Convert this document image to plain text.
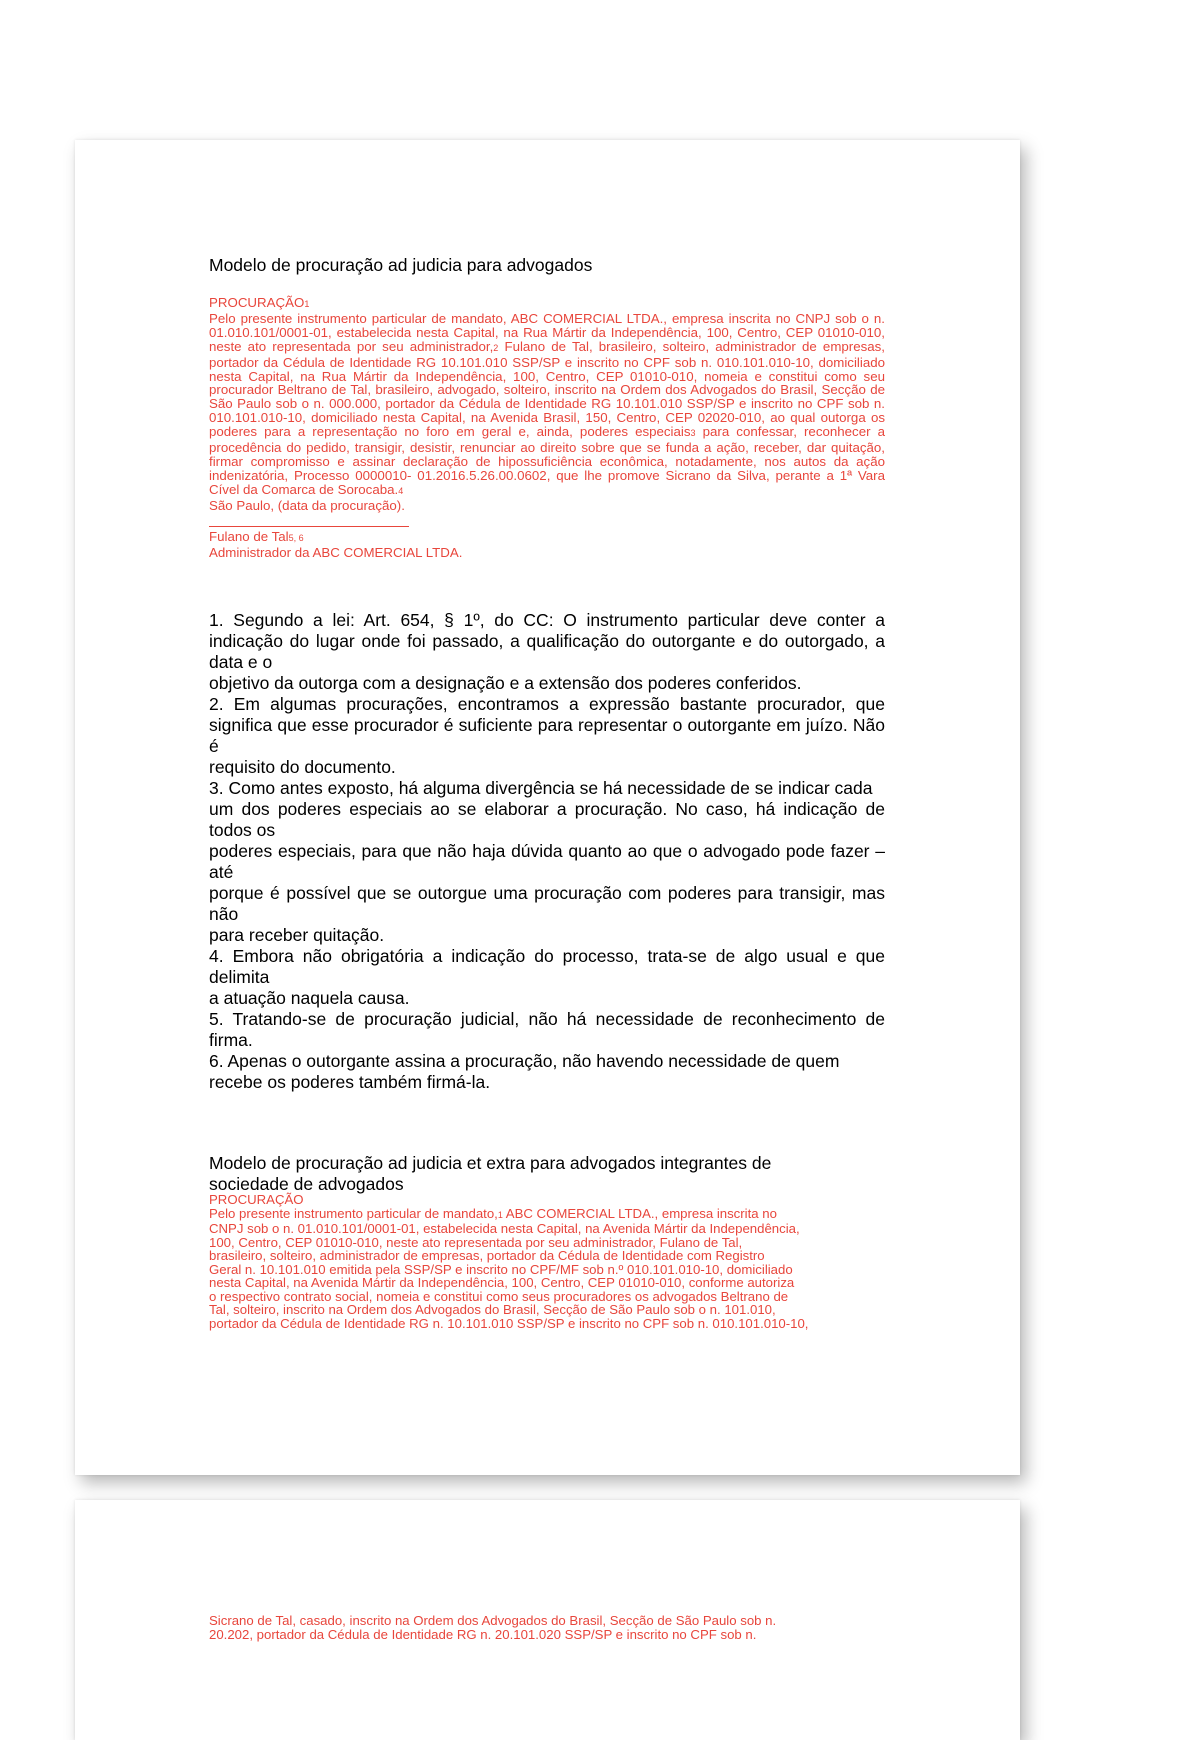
Modelo de procuração ad judicia para advogados
PROCURAÇÃO1
Pelo presente instrumento particular de mandato, ABC COMERCIAL LTDA., empresa inscrita no CNPJ sob o n. 01.010.101/0001-01, estabelecida nesta Capital, na Rua Mártir da Independência, 100, Centro, CEP 01010-010, neste ato representada por seu administrador,2 Fulano de Tal, brasileiro, solteiro, administrador de empresas, portador da Cédula de Identidade RG 10.101.010 SSP/SP e inscrito no CPF sob n. 010.101.010-10, domiciliado nesta Capital, na Rua Mártir da Independência, 100, Centro, CEP 01010-010, nomeia e constitui como seu procurador Beltrano de Tal, brasileiro, advogado, solteiro, inscrito na Ordem dos Advogados do Brasil, Secção de São Paulo sob o n. 000.000, portador da Cédula de Identidade RG 10.101.010 SSP/SP e inscrito no CPF sob n. 010.101.010-10, domiciliado nesta Capital, na Avenida Brasil, 150, Centro, CEP 02020-010, ao qual outorga os poderes para a representação no foro em geral e, ainda, poderes especiais3 para confessar, reconhecer a procedência do pedido, transigir, desistir, renunciar ao direito sobre que se funda a ação, receber, dar quitação, firmar compromisso e assinar declaração de hipossuficiência econômica, notadamente, nos autos da ação indenizatória, Processo 0000010- 01.2016.5.26.00.0602, que lhe promove Sicrano da Silva, perante a 1ª Vara Cível da Comarca de Sorocaba.4
São Paulo, (data da procuração).
Fulano de Tal5, 6
Administrador da ABC COMERCIAL LTDA.
1. Segundo a lei: Art. 654, § 1º, do CC: O instrumento particular deve conter a indicação do lugar onde foi passado, a qualificação do outorgante e do outorgado, a data e o
objetivo da outorga com a designação e a extensão dos poderes conferidos.
2. Em algumas procurações, encontramos a expressão bastante procurador, que significa que esse procurador é suficiente para representar o outorgante em juízo. Não é
requisito do documento.
3. Como antes exposto, há alguma divergência se há necessidade de se indicar cada
um dos poderes especiais ao se elaborar a procuração. No caso, há indicação de todos os
poderes especiais, para que não haja dúvida quanto ao que o advogado pode fazer – até
porque é possível que se outorgue uma procuração com poderes para transigir, mas não
para receber quitação.
4. Embora não obrigatória a indicação do processo, trata-se de algo usual e que delimita
a atuação naquela causa.
5. Tratando-se de procuração judicial, não há necessidade de reconhecimento de firma.
6. Apenas o outorgante assina a procuração, não havendo necessidade de quem recebe os poderes também firmá-la.
Modelo de procuração ad judicia et extra para advogados integrantes de sociedade de advogados
PROCURAÇÃO
Pelo presente instrumento particular de mandato,1 ABC COMERCIAL LTDA., empresa inscrita no
CNPJ sob o n. 01.010.101/0001-01, estabelecida nesta Capital, na Avenida Mártir da Independência,
100, Centro, CEP 01010-010, neste ato representada por seu administrador, Fulano de Tal,
brasileiro, solteiro, administrador de empresas, portador da Cédula de Identidade com Registro
Geral n. 10.101.010 emitida pela SSP/SP e inscrito no CPF/MF sob n.º 010.101.010-10, domiciliado
nesta Capital, na Avenida Mártir da Independência, 100, Centro, CEP 01010-010, conforme autoriza
o respectivo contrato social, nomeia e constitui como seus procuradores os advogados Beltrano de
Tal, solteiro, inscrito na Ordem dos Advogados do Brasil, Secção de São Paulo sob o n. 101.010,
portador da Cédula de Identidade RG n. 10.101.010 SSP/SP e inscrito no CPF sob n. 010.101.010-10,
Sicrano de Tal, casado, inscrito na Ordem dos Advogados do Brasil, Secção de São Paulo sob n.
20.202, portador da Cédula de Identidade RG n. 20.101.020 SSP/SP e inscrito no CPF sob n.
